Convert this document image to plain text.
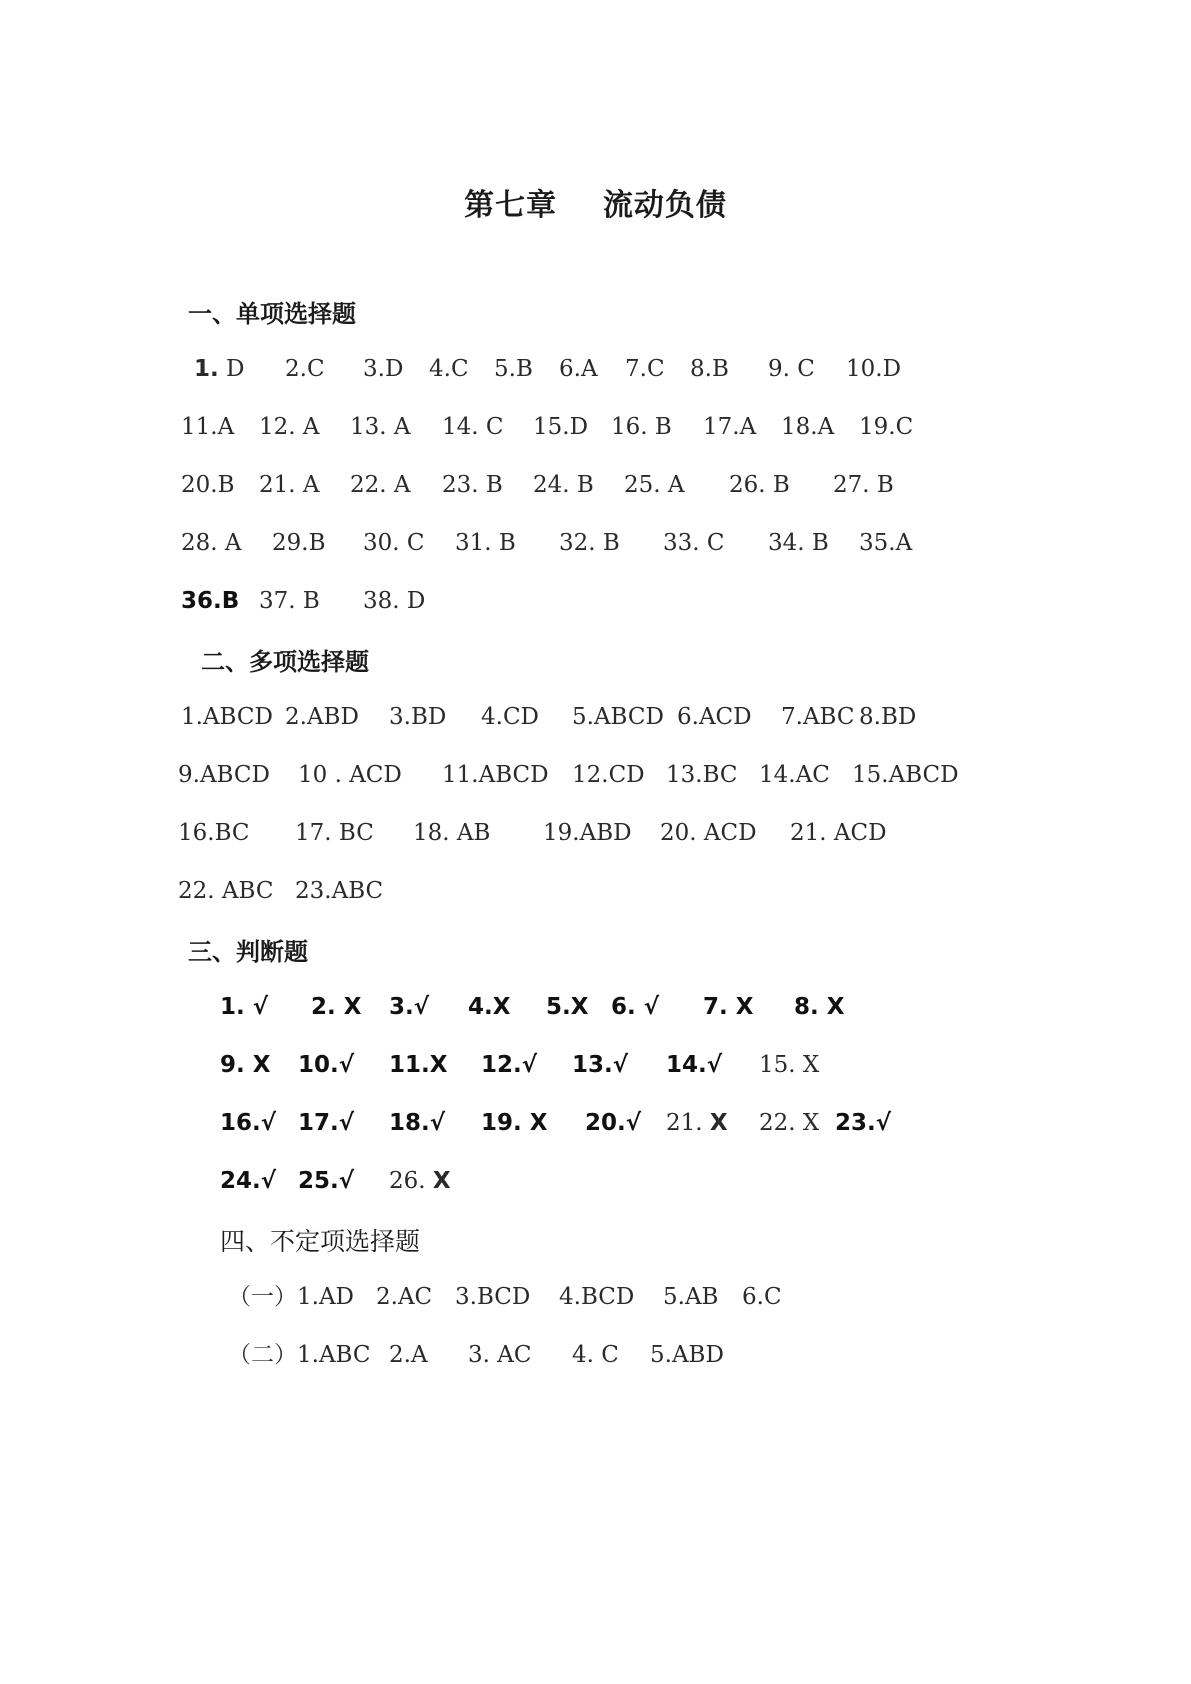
第七章    流动负债
一、单项选择题
1. D 2.C 3.D 4.C 5.B 6.A 7.C 8.B 9. C 10.D
11.A 12. A 13. A 14. C 15.D 16. B 17.A 18.A 19.C
20.B 21. A 22. A 23. B 24. B 25. A 26. B 27. B
28. A 29.B 30. C 31. B 32. B 33. C 34. B 35.A
36.B 37. B 38. D
二、多项选择题
1.ABCD 2.ABD 3.BD 4.CD 5.ABCD 6.ACD 7.ABC 8.BD
9.ABCD 10 . ACD 11.ABCD 12.CD 13.BC 14.AC 15.ABCD
16.BC 17. BC 18. AB 19.ABD 20. ACD 21. ACD
22. ABC 23.ABC
三、判断题
1. √ 2. X 3.√ 4.X 5.X 6. √ 7. X 8. X
9. X 10.√ 11.X 12.√ 13.√ 14.√ 15. X
16.√ 17.√ 18.√ 19. X 20.√ 21. X 22. X 23.√
24.√ 25.√ 26. X
四、不定项选择题
（一）1.AD 2.AC 3.BCD 4.BCD 5.AB 6.C
（二）1.ABC 2.A 3. AC 4. C 5.ABD
